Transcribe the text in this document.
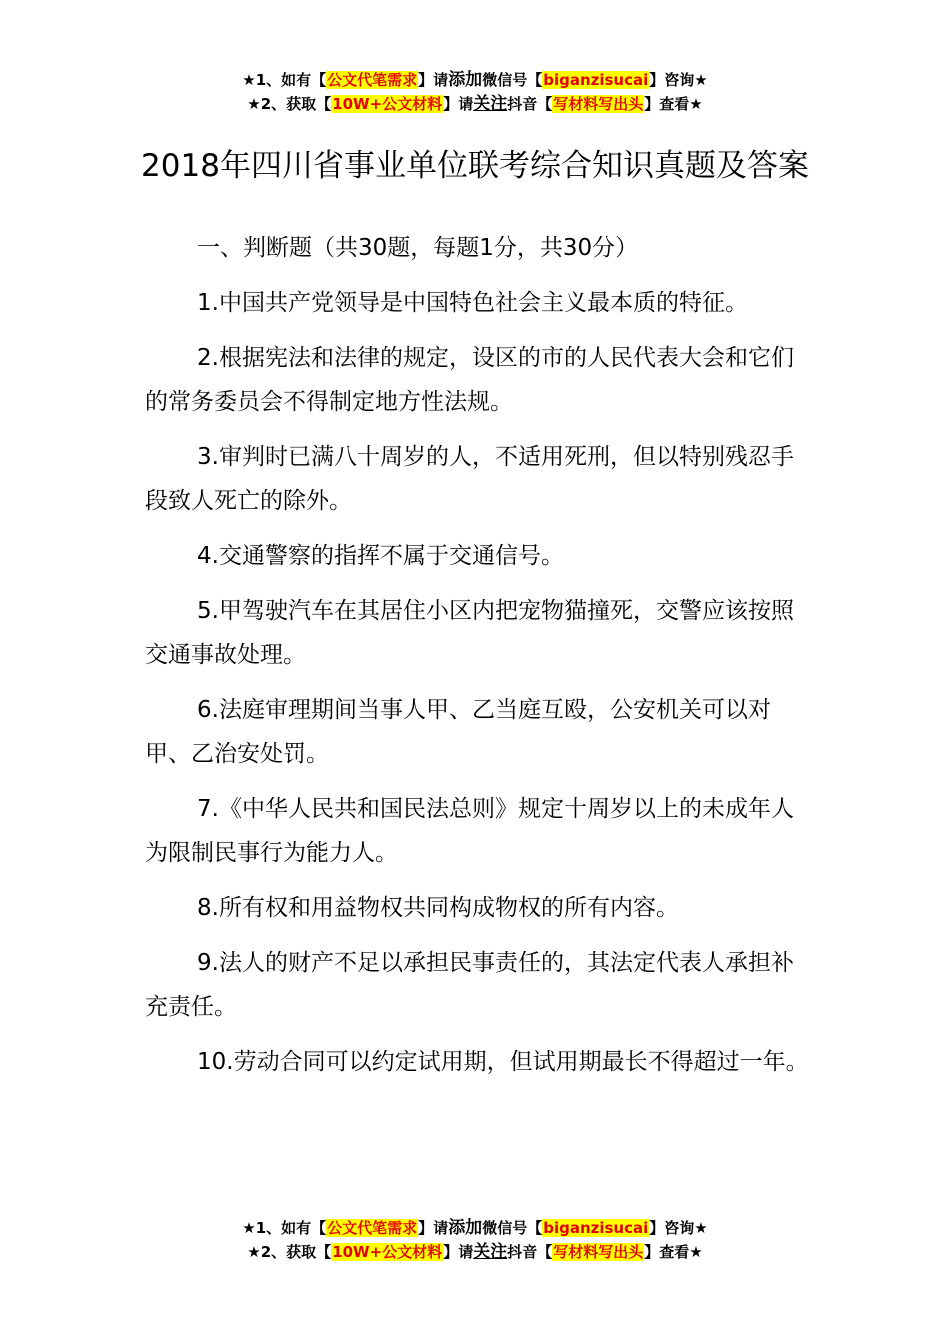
★1、如有【公文代笔需求】请添加微信号【biganzisucai】咨询★
★2、获取【10W+公文材料】请关注抖音【写材料写出头】查看★
2018年四川省事业单位联考综合知识真题及答案

一、判断题（共30题，每题1分，共30分）

1.中国共产党领导是中国特色社会主义最本质的特征。

2.根据宪法和法律的规定，设区的市的人民代表大会和它们的常务委员会不得制定地方性法规。

3.审判时已满八十周岁的人，不适用死刑，但以特别残忍手段致人死亡的除外。

4.交通警察的指挥不属于交通信号。

5.甲驾驶汽车在其居住小区内把宠物猫撞死，交警应该按照交通事故处理。

6.法庭审理期间当事人甲、乙当庭互殴，公安机关可以对甲、乙治安处罚。

7.《中华人民共和国民法总则》规定十周岁以上的未成年人为限制民事行为能力人。

8.所有权和用益物权共同构成物权的所有内容。

9.法人的财产不足以承担民事责任的，其法定代表人承担补充责任。

10.劳动合同可以约定试用期，但试用期最长不得超过一年。

★1、如有【公文代笔需求】请添加微信号【biganzisucai】咨询★
★2、获取【10W+公文材料】请关注抖音【写材料写出头】查看★
